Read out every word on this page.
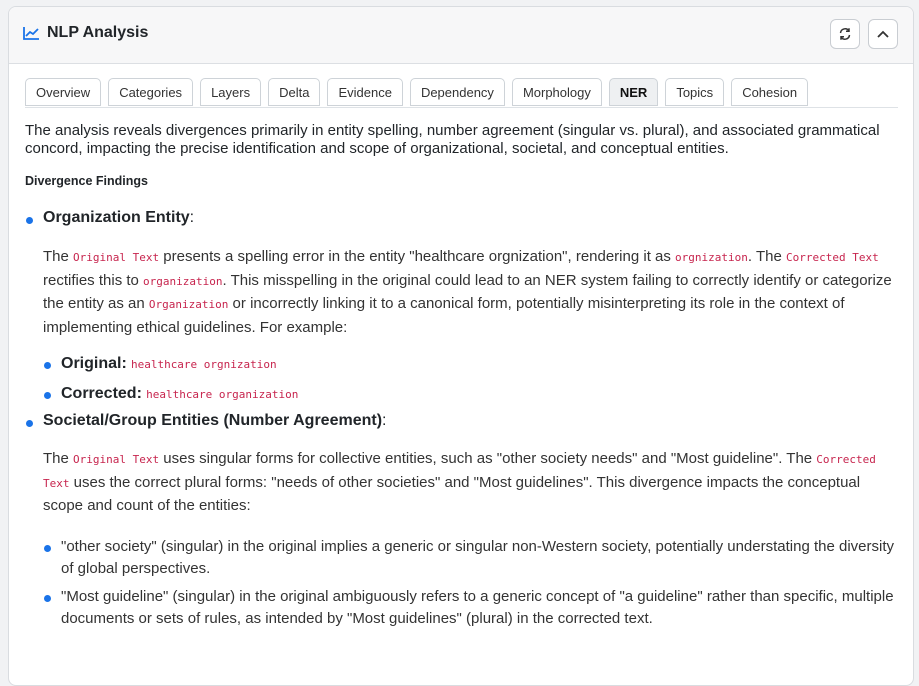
NLP Analysis
Overview	Categories	Layers	Delta	Evidence	Dependency	Morphology	NER	Topics	Cohesion

The analysis reveals divergences primarily in entity spelling, number agreement (singular vs. plural), and associated grammatical concord, impacting the precise identification and scope of organizational, societal, and conceptual entities.

Divergence Findings
Organization Entity:

The Original Text presents a spelling error in the entity "healthcare orgnization", rendering it as orgnization. The Corrected Text rectifies this to organization. This misspelling in the original could lead to an NER system failing to correctly identify or categorize the entity as an Organization or incorrectly linking it to a canonical form, potentially misinterpreting its role in the context of implementing ethical guidelines. For example:

Original: healthcare orgnization
Corrected: healthcare organization
Societal/Group Entities (Number Agreement):

The Original Text uses singular forms for collective entities, such as "other society needs" and "Most guideline". The Corrected Text uses the correct plural forms: "needs of other societies" and "Most guidelines". This divergence impacts the conceptual scope and count of the entities:

"other society" (singular) in the original implies a generic or singular non-Western society, potentially understating the diversity of global perspectives.
"Most guideline" (singular) in the original ambiguously refers to a generic concept of "a guideline" rather than specific, multiple documents or sets of rules, as intended by "Most guidelines" (plural) in the corrected text.
